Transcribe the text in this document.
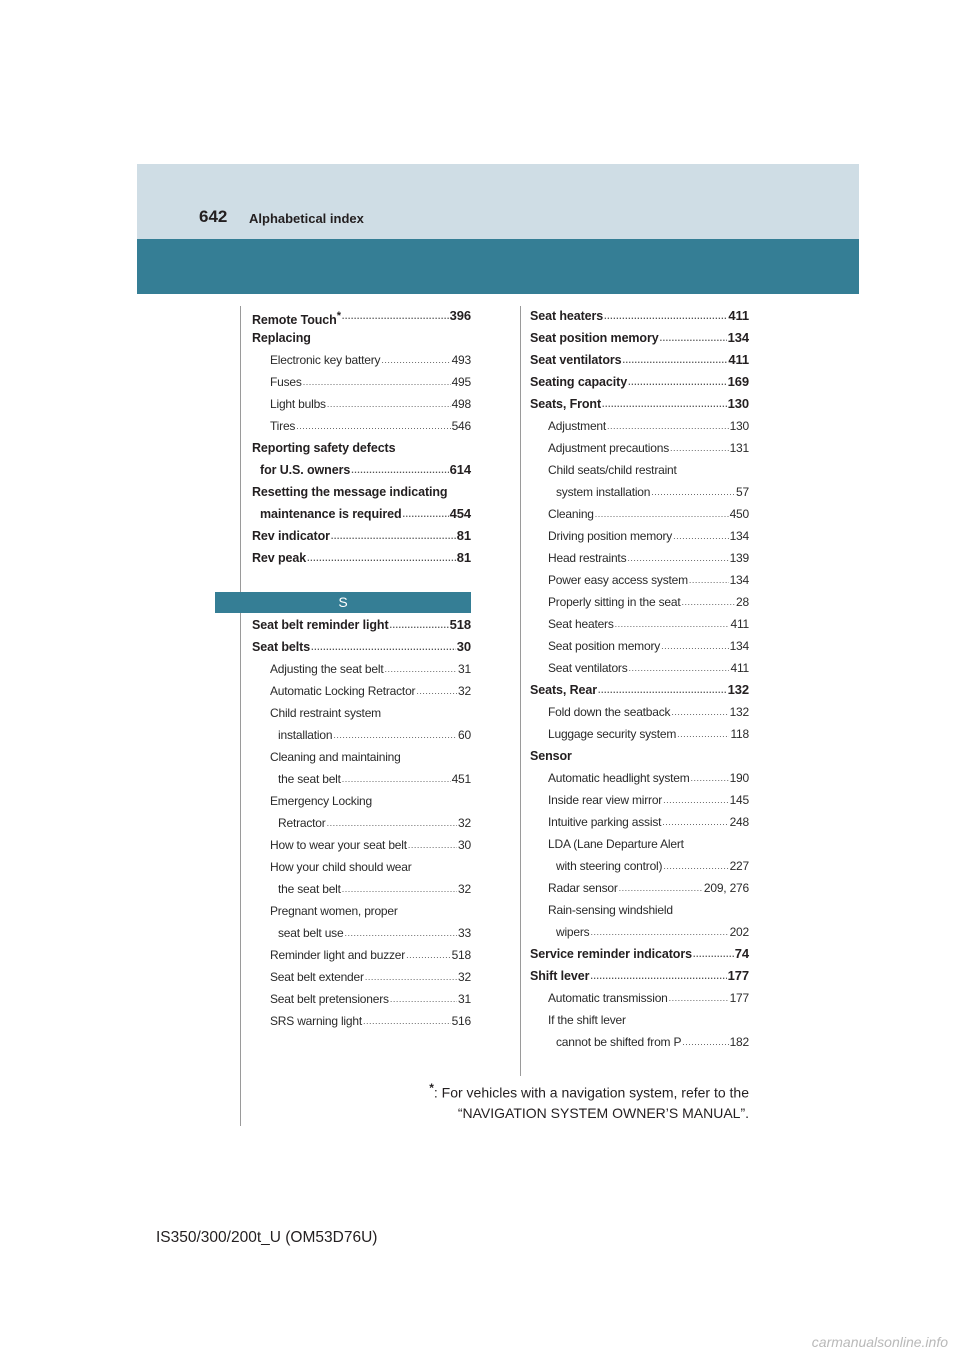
642 Alphabetical index
Remote Touch* .....	396
Replacing
Electronic key battery .....	493
Fuses .....	495
Light bulbs .....	498
Tires .....	546
Reporting safety defects
for U.S. owners .....	614
Resetting the message indicating
maintenance is required .....	454
Rev indicator .....	81
Rev peak .....	81
S
Seat belt reminder light .....	518
Seat belts .....	30
Adjusting the seat belt .....	31
Automatic Locking Retractor .....	32
Child restraint system
installation .....	60
Cleaning and maintaining
the seat belt .....	451
Emergency Locking
Retractor .....	32
How to wear your seat belt .....	30
How your child should wear
the seat belt .....	32
Pregnant women, proper
seat belt use .....	33
Reminder light and buzzer .....	518
Seat belt extender .....	32
Seat belt pretensioners .....	31
SRS warning light .....	516
Seat heaters .....	411
Seat position memory .....	134
Seat ventilators .....	411
Seating capacity .....	169
Seats, Front .....	130
Adjustment .....	130
Adjustment precautions .....	131
Child seats/child restraint
system installation .....	57
Cleaning .....	450
Driving position memory .....	134
Head restraints .....	139
Power easy access system .....	134
Properly sitting in the seat .....	28
Seat heaters .....	411
Seat position memory .....	134
Seat ventilators .....	411
Seats, Rear .....	132
Fold down the seatback .....	132
Luggage security system .....	118
Sensor
Automatic headlight system .....	190
Inside rear view mirror .....	145
Intuitive parking assist .....	248
LDA (Lane Departure Alert
with steering control) .....	227
Radar sensor .....	209, 276
Rain-sensing windshield
wipers .....	202
Service reminder indicators .....	74
Shift lever .....	177
Automatic transmission .....	177
If the shift lever
cannot be shifted from P .....	182
*: For vehicles with a navigation system, refer to the
“NAVIGATION SYSTEM OWNER’S MANUAL”.
IS350/300/200t_U (OM53D76U)
carmanualsonline.info
